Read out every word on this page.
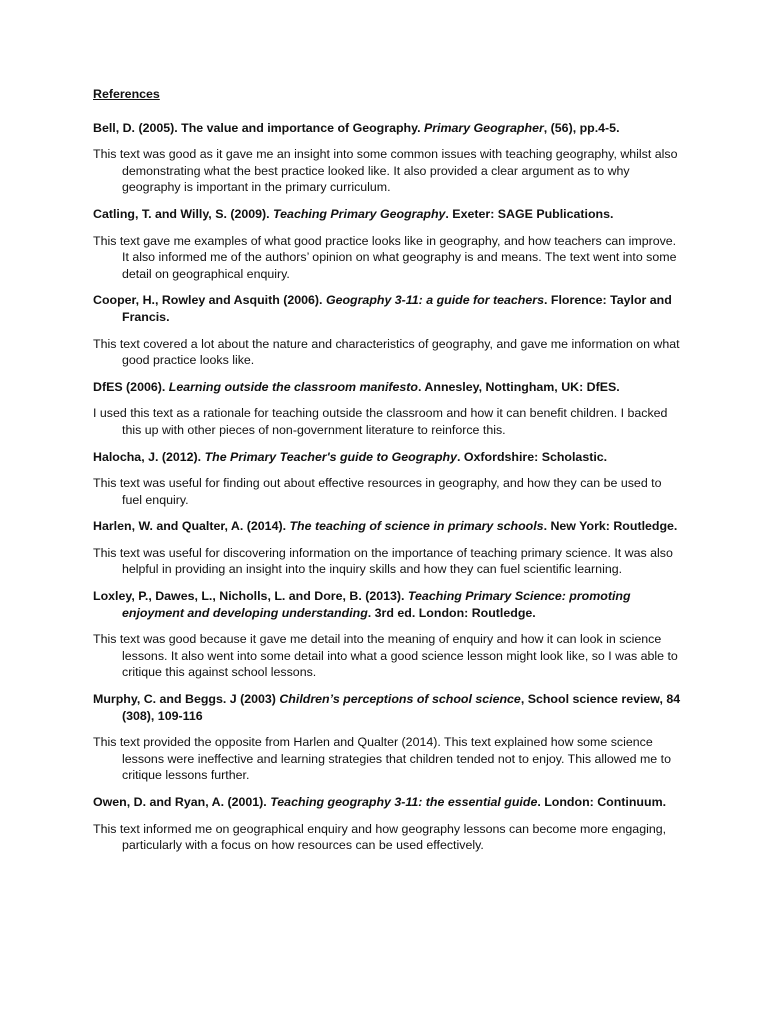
References

Bell, D. (2005). The value and importance of Geography. Primary Geographer, (56), pp.4-5.

This text was good as it gave me an insight into some common issues with teaching geography, whilst also demonstrating what the best practice looked like. It also provided a clear argument as to why geography is important in the primary curriculum.

Catling, T. and Willy, S. (2009). Teaching Primary Geography. Exeter: SAGE Publications.

This text gave me examples of what good practice looks like in geography, and how teachers can improve. It also informed me of the authors’ opinion on what geography is and means. The text went into some detail on geographical enquiry.

Cooper, H., Rowley and Asquith (2006). Geography 3-11: a guide for teachers. Florence: Taylor and Francis.

This text covered a lot about the nature and characteristics of geography, and gave me information on what good practice looks like.

DfES (2006). Learning outside the classroom manifesto. Annesley, Nottingham, UK: DfES.

I used this text as a rationale for teaching outside the classroom and how it can benefit children. I backed this up with other pieces of non-government literature to reinforce this.

Halocha, J. (2012). The Primary Teacher's guide to Geography. Oxfordshire: Scholastic.

This text was useful for finding out about effective resources in geography, and how they can be used to fuel enquiry.

Harlen, W. and Qualter, A. (2014). The teaching of science in primary schools. New York: Routledge.

This text was useful for discovering information on the importance of teaching primary science. It was also helpful in providing an insight into the inquiry skills and how they can fuel scientific learning.

Loxley, P., Dawes, L., Nicholls, L. and Dore, B. (2013). Teaching Primary Science: promoting enjoyment and developing understanding. 3rd ed. London: Routledge.

This text was good because it gave me detail into the meaning of enquiry and how it can look in science lessons. It also went into some detail into what a good science lesson might look like, so I was able to critique this against school lessons.

Murphy, C. and Beggs. J (2003) Children’s perceptions of school science, School science review, 84 (308), 109-116

This text provided the opposite from Harlen and Qualter (2014). This text explained how some science lessons were ineffective and learning strategies that children tended not to enjoy. This allowed me to critique lessons further.

Owen, D. and Ryan, A. (2001). Teaching geography 3-11: the essential guide. London: Continuum.

This text informed me on geographical enquiry and how geography lessons can become more engaging, particularly with a focus on how resources can be used effectively.
